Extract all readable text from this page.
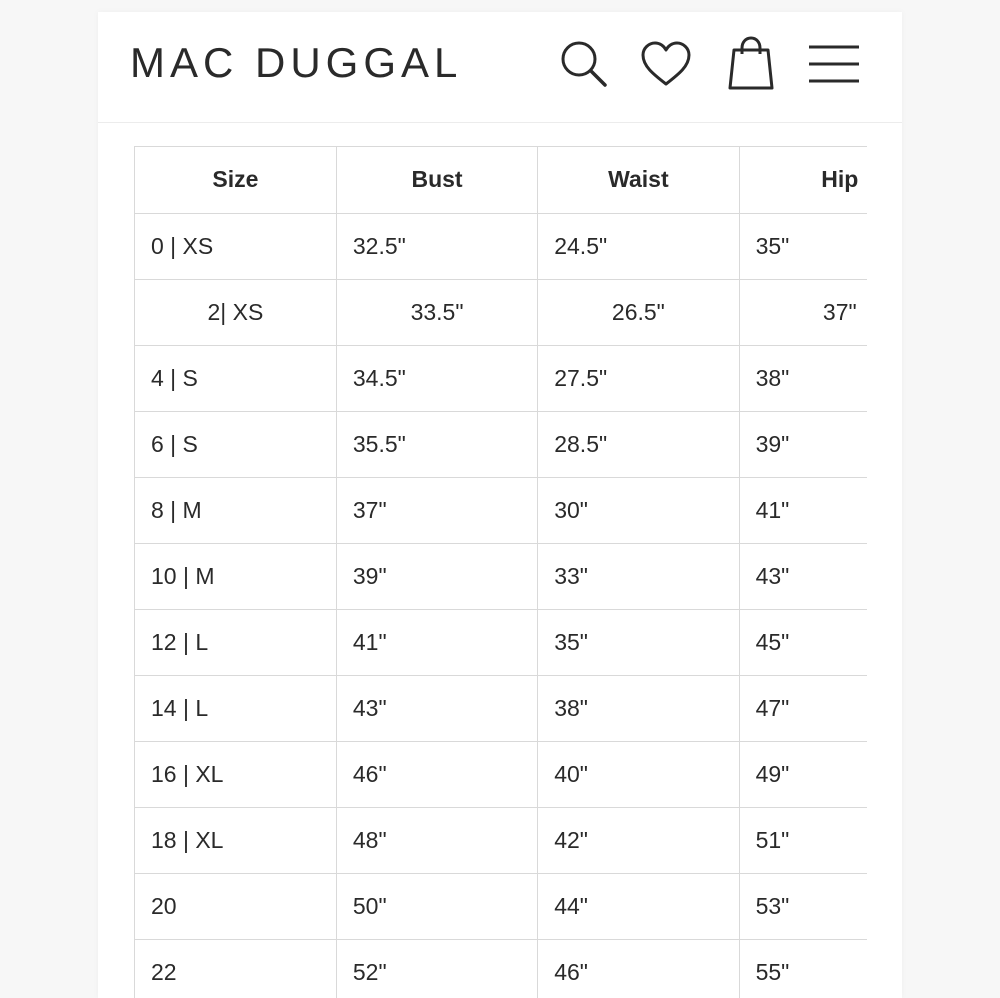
MAC DUGGAL
Size	Bust	Waist	Hip
0 | XS	32.5"	24.5"	35"
2| XS	33.5"	26.5"	37"
4 | S	34.5"	27.5"	38"
6 | S	35.5"	28.5"	39"
8 | M	37"	30"	41"
10 | M	39"	33"	43"
12 | L	41"	35"	45"
14 | L	43"	38"	47"
16 | XL	46"	40"	49"
18 | XL	48"	42"	51"
20	50"	44"	53"
22	52"	46"	55"
